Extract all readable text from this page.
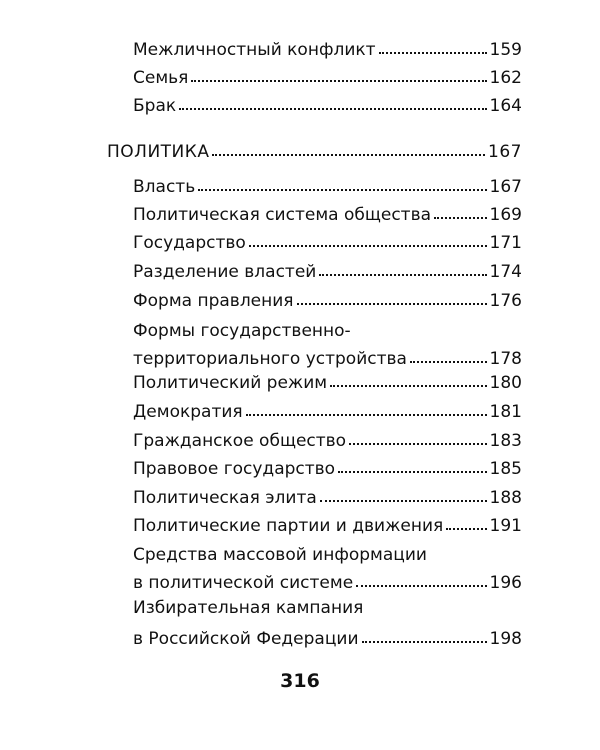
Межличностный конфликт	159
Семья	162
Брак	164
ПОЛИТИКА	167
Власть	167
Политическая система общества	169
Государство	171
Разделение властей	174
Форма правления	176
Формы государственно-
территориального устройства	178
Политический режим	180
Демократия	181
Гражданское общество	183
Правовое государство	185
Политическая элита	188
Политические партии и движения	191
Средства массовой информации
в политической системе	196
Избирательная кампания
в Российской Федерации	198
316
